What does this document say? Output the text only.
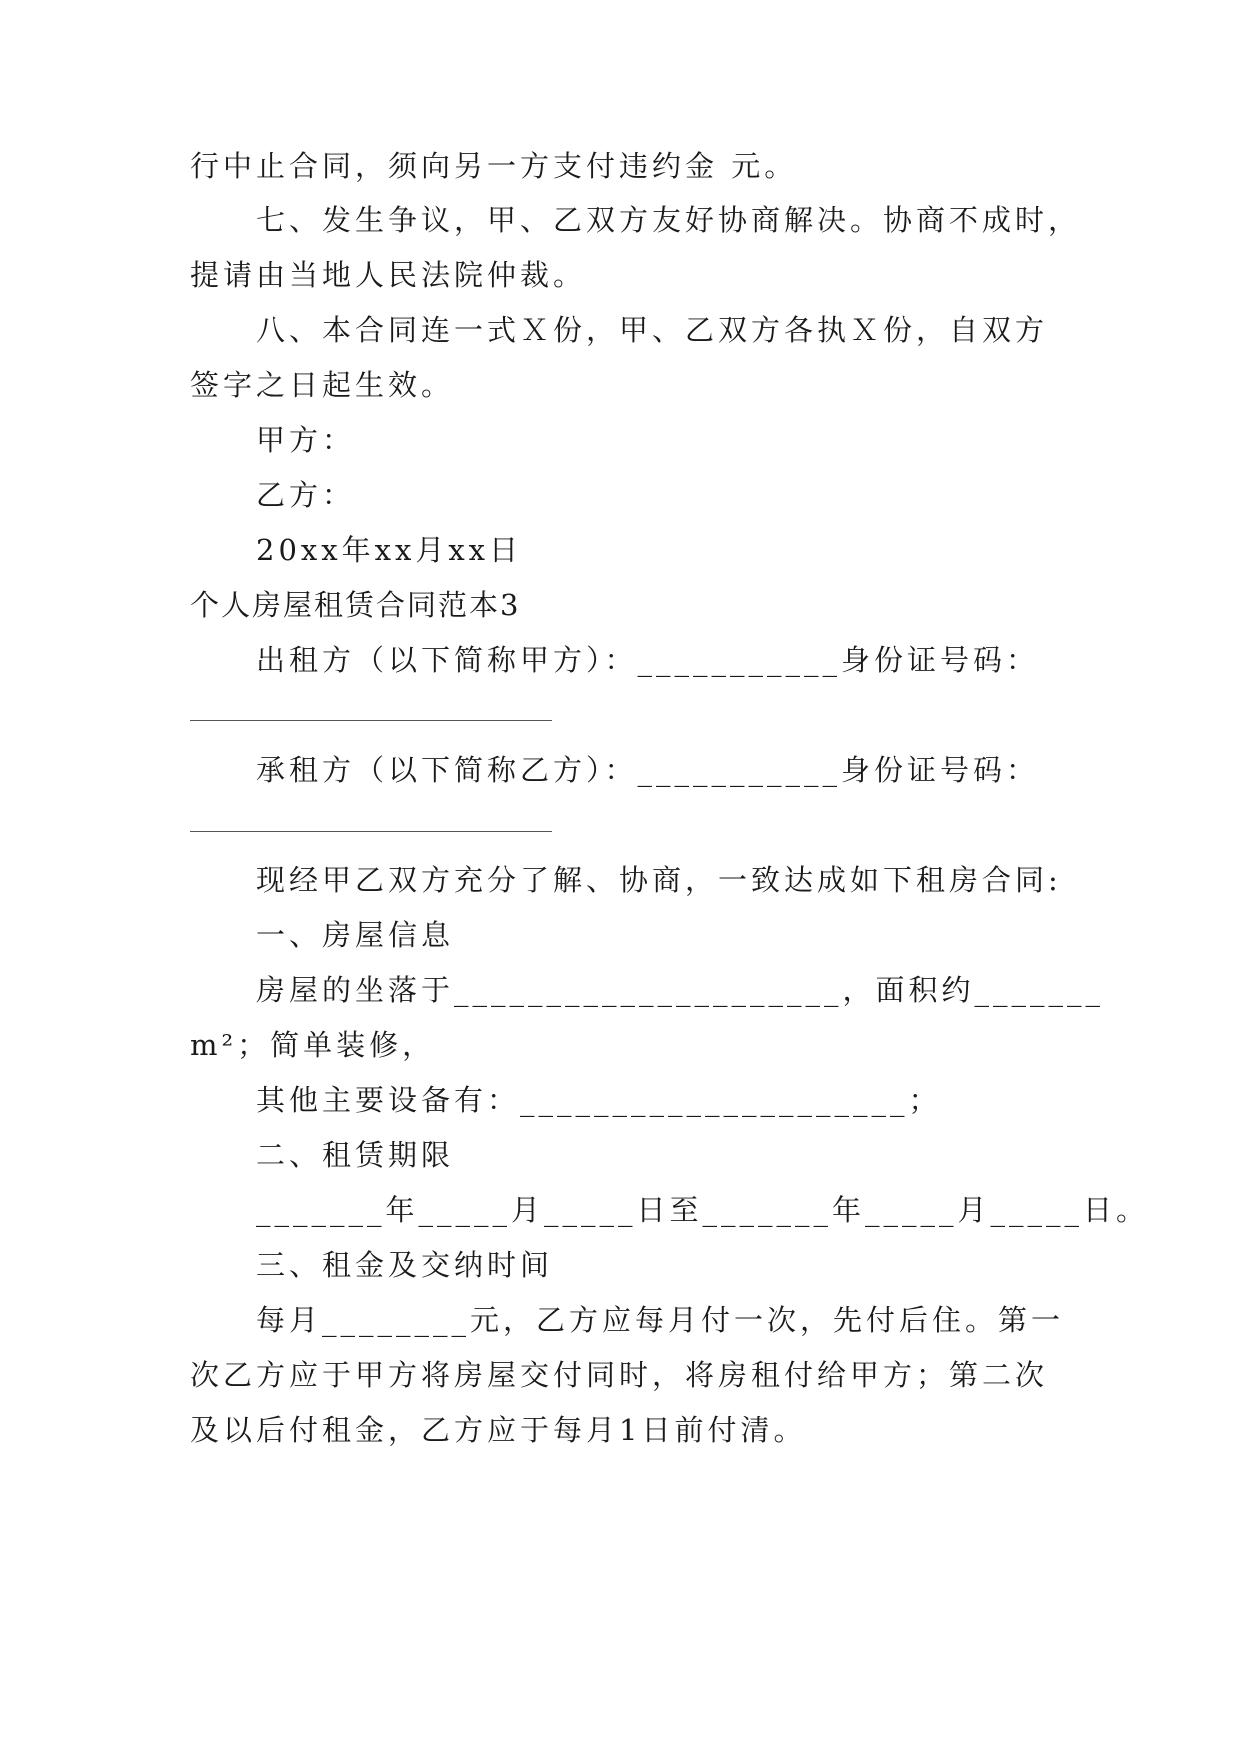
行中止合同，须向另一方支付违约金 元。
七、发生争议，甲、乙双方友好协商解决。协商不成时，
提请由当地人民法院仲裁。
八、本合同连一式Ｘ份，甲、乙双方各执Ｘ份，自双方
签字之日起生效。
甲方：
乙方：
20xx年xx月xx日
个人房屋租赁合同范本3
出租方（以下简称甲方）：___________身份证号码：
承租方（以下简称乙方）：___________身份证号码：
现经甲乙双方充分了解、协商，一致达成如下租房合同:
一、房屋信息
房屋的坐落于_____________________，面积约_______
m²；简单装修，
其他主要设备有：_____________________；
二、租赁期限
_______年_____月_____日至_______年_____月_____日。
三、租金及交纳时间
每月________元，乙方应每月付一次，先付后住。第一
次乙方应于甲方将房屋交付同时，将房租付给甲方；第二次
及以后付租金，乙方应于每月1日前付清。
